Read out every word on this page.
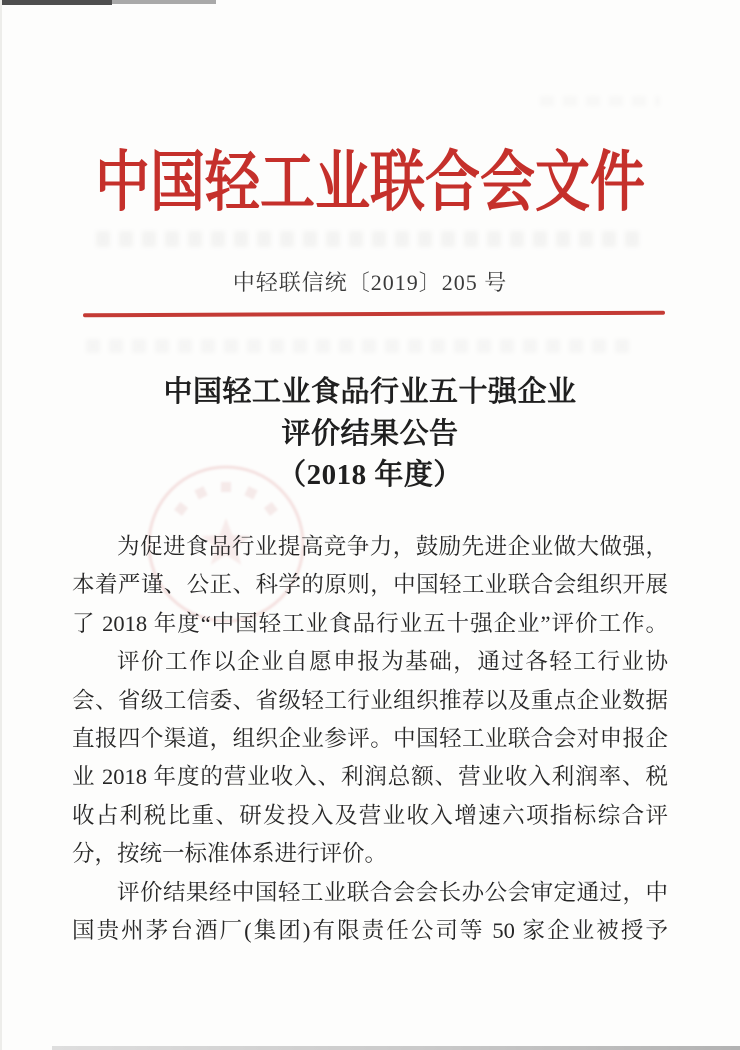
中国轻工业联合会文件
中轻联信统〔2019〕205 号
中国轻工业食品行业五十强企业
评价结果公告
（2018 年度）
为促进食品行业提高竞争力，鼓励先进企业做大做强，
本着严谨、公正、科学的原则，中国轻工业联合会组织开展
了 2018 年度“中国轻工业食品行业五十强企业”评价工作。
评价工作以企业自愿申报为基础，通过各轻工行业协
会、省级工信委、省级轻工行业组织推荐以及重点企业数据
直报四个渠道，组织企业参评。中国轻工业联合会对申报企
业 2018 年度的营业收入、利润总额、营业收入利润率、税
收占利税比重、研发投入及营业收入增速六项指标综合评
分，按统一标准体系进行评价。
评价结果经中国轻工业联合会会长办公会审定通过，中
国贵州茅台酒厂(集团)有限责任公司等 50 家企业被授予
